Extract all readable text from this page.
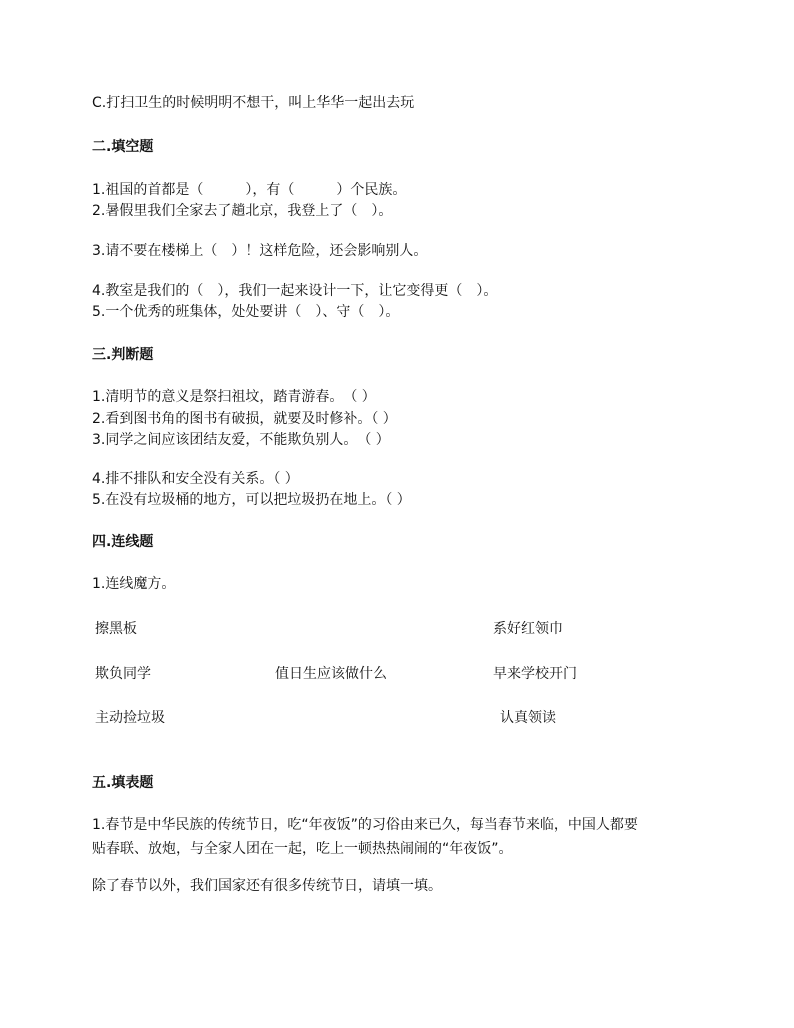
C.打扫卫生的时候明明不想干，叫上华华一起出去玩
二.填空题
1.祖国的首都是（　　　），有（　　　）个民族。
2.暑假里我们全家去了趟北京，我登上了（　）。
3.请不要在楼梯上（　）！这样危险，还会影响别人。
4.教室是我们的（　），我们一起来设计一下，让它变得更（　）。
5.一个优秀的班集体，处处要讲（　）、守（　）。
三.判断题
1.清明节的意义是祭扫祖坟，踏青游春。　（ ）
2.看到图书角的图书有破损，就要及时修补。（ ）
3.同学之间应该团结友爱，不能欺负别人。　（ ）
4.排不排队和安全没有关系。（ ）
5.在没有垃圾桶的地方，可以把垃圾扔在地上。（ ）
四.连线题
1.连线魔方。
擦黑板
欺负同学
主动捡垃圾
值日生应该做什么
系好红领巾
早来学校开门
认真领读
五.填表题
1.春节是中华民族的传统节日，吃“年夜饭”的习俗由来已久，每当春节来临，中国人都要
贴春联、放炮，与全家人团在一起，吃上一顿热热闹闹的“年夜饭”。
除了春节以外，我们国家还有很多传统节日，请填一填。
